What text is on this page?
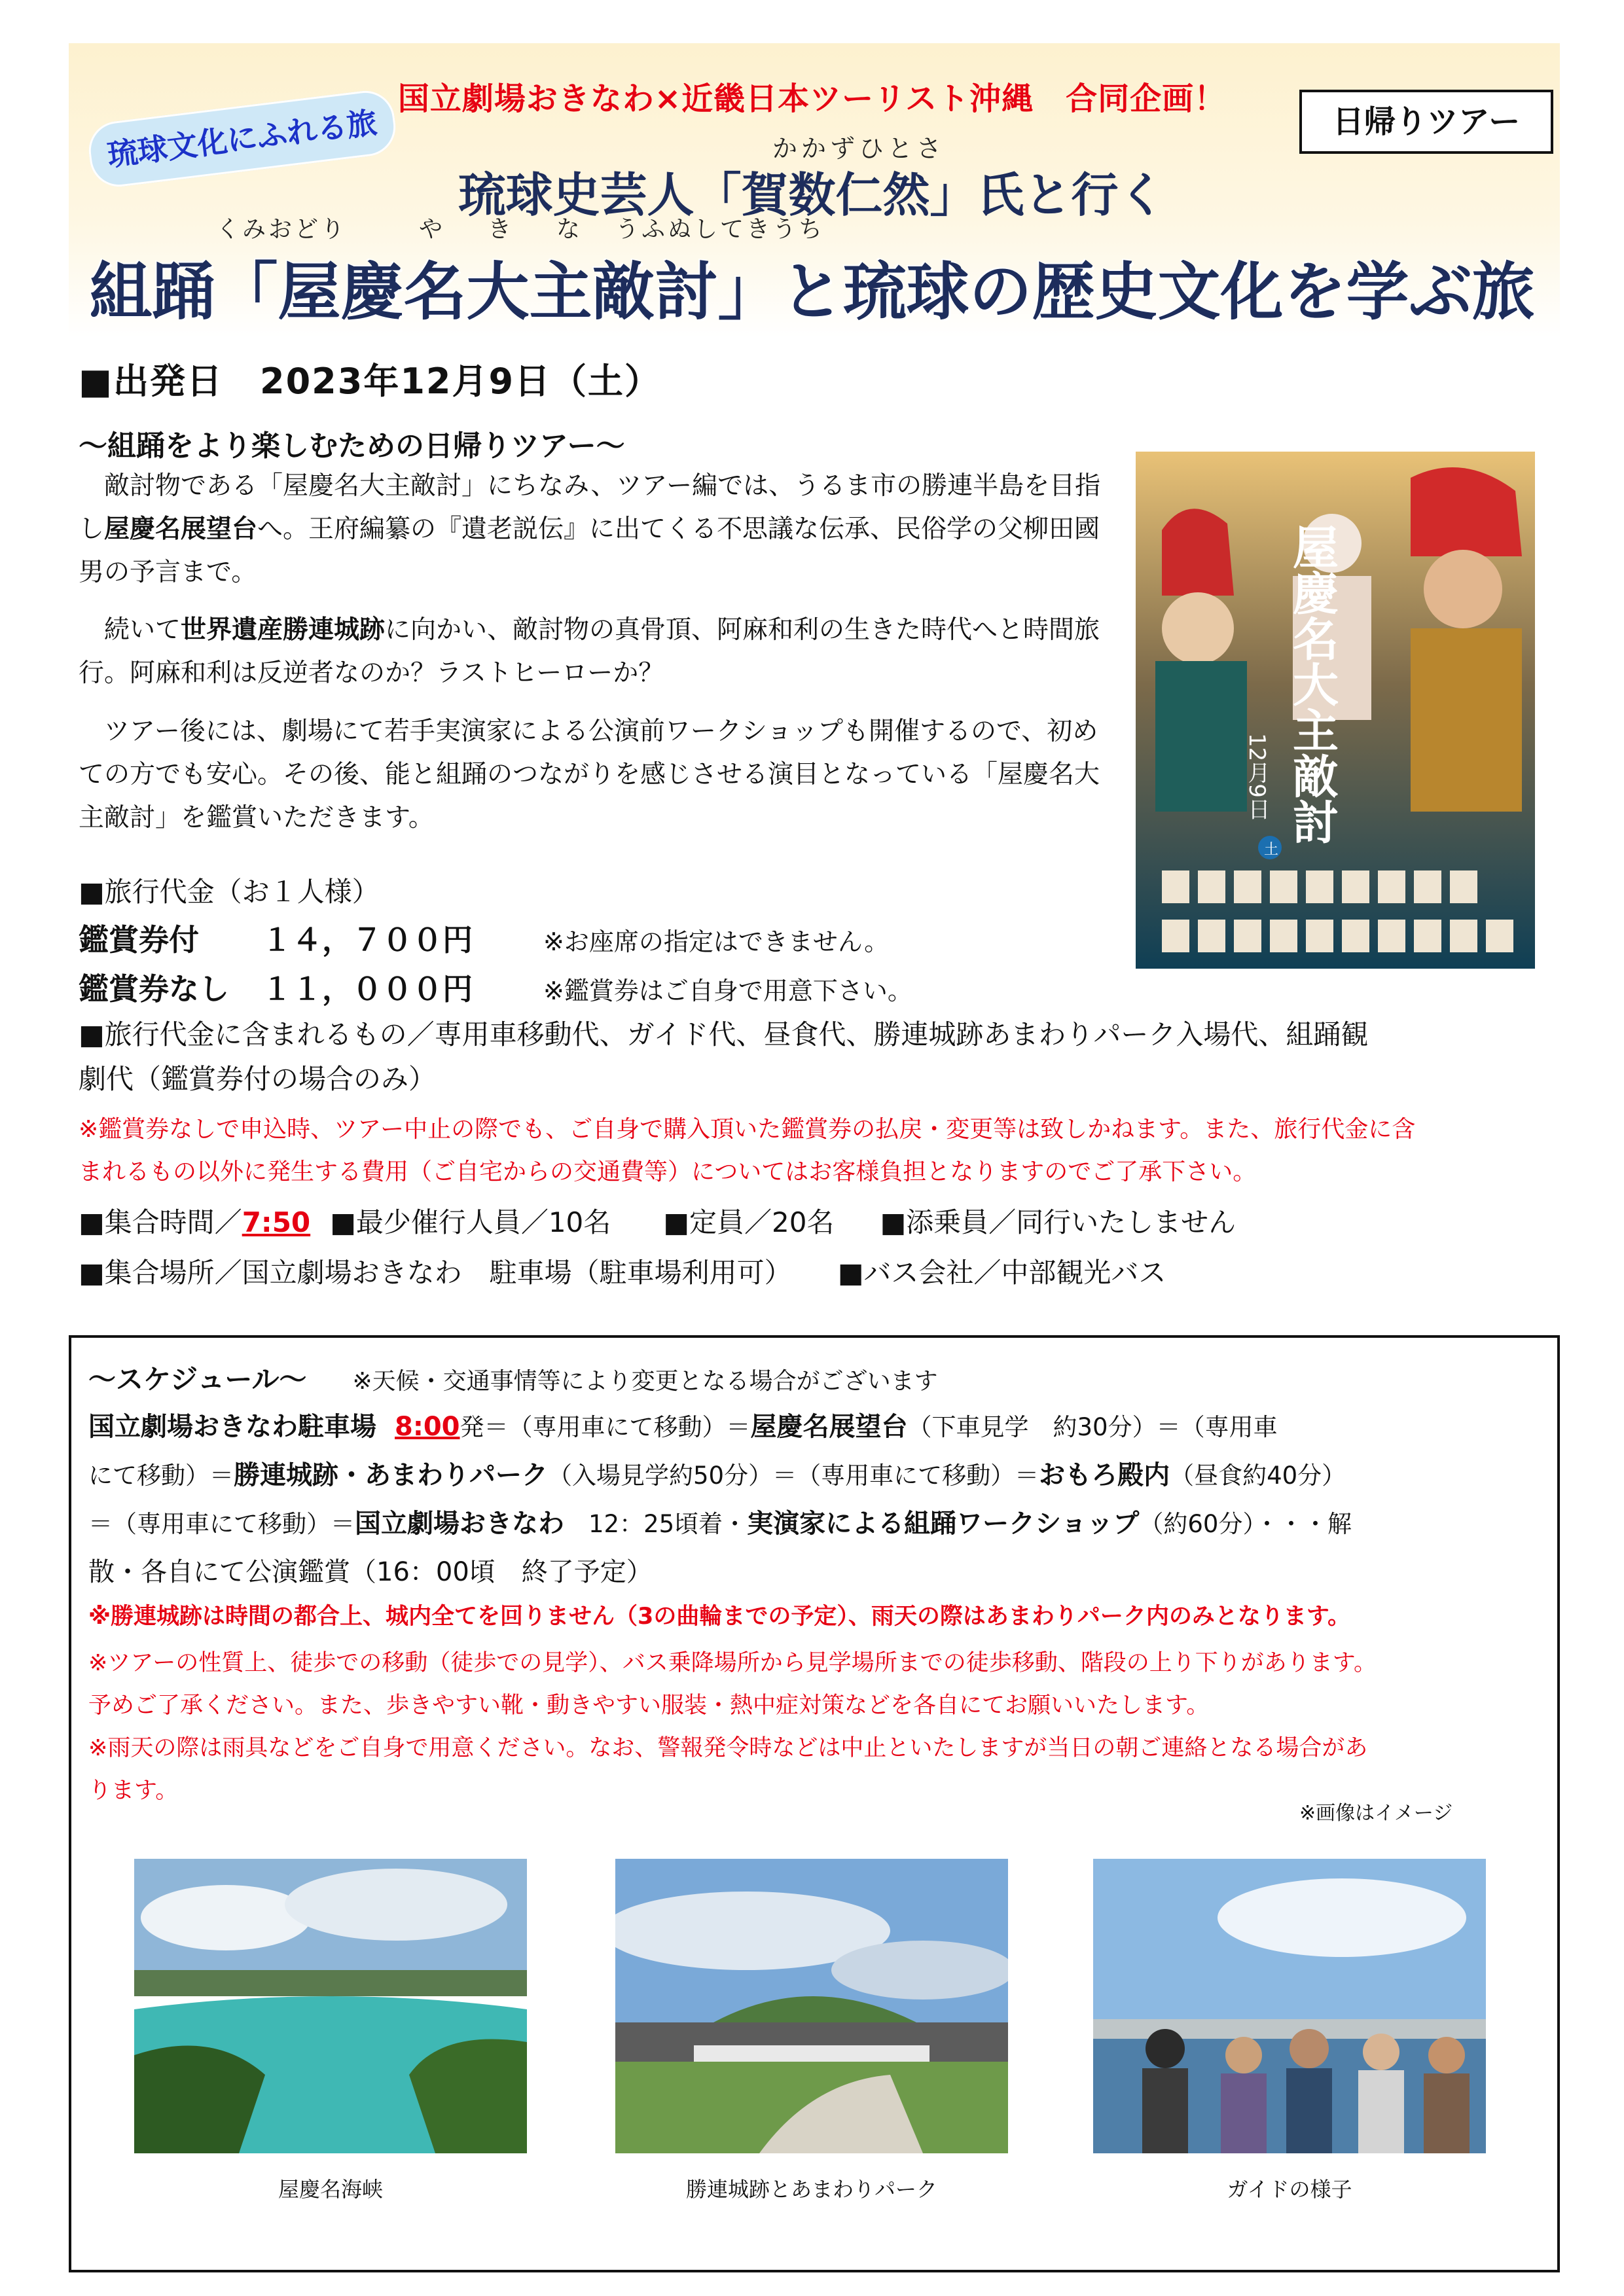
国立劇場おきなわ×近畿日本ツーリスト沖縄　合同企画！
日帰りツアー
琉球文化にふれる旅	かかずひとさ
琉球史芸人「賀数仁然」氏と行く
くみおどり	や き な うふぬしてきうち
組踊「屋慶名大主敵討」と琉球の歴史文化を学ぶ旅
■出発日　2023年12月9日（土）
～組踊をより楽しむための日帰りツアー～
　敵討物である「屋慶名大主敵討」にちなみ、ツアー編では、うるま市の勝連半島を目指し屋慶名展望台へ。王府編纂の『遺老説伝』に出てくる不思議な伝承、民俗学の父柳田國男の予言まで。
　続いて世界遺産勝連城跡に向かい、敵討物の真骨頂、阿麻和利の生きた時代へと時間旅行。阿麻和利は反逆者なのか？ラストヒーローか？
　ツアー後には、劇場にて若手実演家による公演前ワークショップも開催するので、初めての方でも安心。その後、能と組踊のつながりを感じさせる演目となっている「屋慶名大主敵討」を鑑賞いただきます。	屋慶名大主敵討
12月9日
土
■旅行代金（お１人様）
鑑賞券付 １４，７００円	※お座席の指定はできません。
鑑賞券なし １１，０００円	※鑑賞券はご自身で用意下さい。
■旅行代金に含まれるもの／専用車移動代、ガイド代、昼食代、勝連城跡あまわりパーク入場代、組踊観
劇代（鑑賞券付の場合のみ）
※鑑賞券なしで申込時、ツアー中止の際でも、ご自身で購入頂いた鑑賞券の払戻・変更等は致しかねます。また、旅行代金に含
まれるもの以外に発生する費用（ご自宅からの交通費等）についてはお客様負担となりますのでご了承下さい。
■集合時間／7:50 ■最少催行人員／10名 ■定員／20名 ■添乗員／同行いたしません
■集合場所／国立劇場おきなわ　駐車場（駐車場利用可） ■バス会社／中部観光バス
～スケジュール～ ※天候・交通事情等により変更となる場合がございます
国立劇場おきなわ駐車場 8:00発＝（専用車にて移動）＝屋慶名展望台（下車見学　約30分）＝（専用車
にて移動）＝勝連城跡・あまわりパーク（入場見学約50分）＝（専用車にて移動）＝おもろ殿内（昼食約40分）
＝（専用車にて移動）＝国立劇場おきなわ　12：25頃着・実演家による組踊ワークショップ（約60分）・・・解
散・各自にて公演鑑賞（16：00頃　終了予定）
※勝連城跡は時間の都合上、城内全てを回りません（3の曲輪までの予定）、雨天の際はあまわりパーク内のみとなります。
※ツアーの性質上、徒歩での移動（徒歩での見学）、バス乗降場所から見学場所までの徒歩移動、階段の上り下りがあります。
予めご了承ください。また、歩きやすい靴・動きやすい服装・熱中症対策などを各自にてお願いいたします。
※雨天の際は雨具などをご自身で用意ください。なお、警報発令時などは中止といたしますが当日の朝ご連絡となる場合があ
ります。
※画像はイメージ
屋慶名海峡	勝連城跡とあまわりパーク	ガイドの様子
